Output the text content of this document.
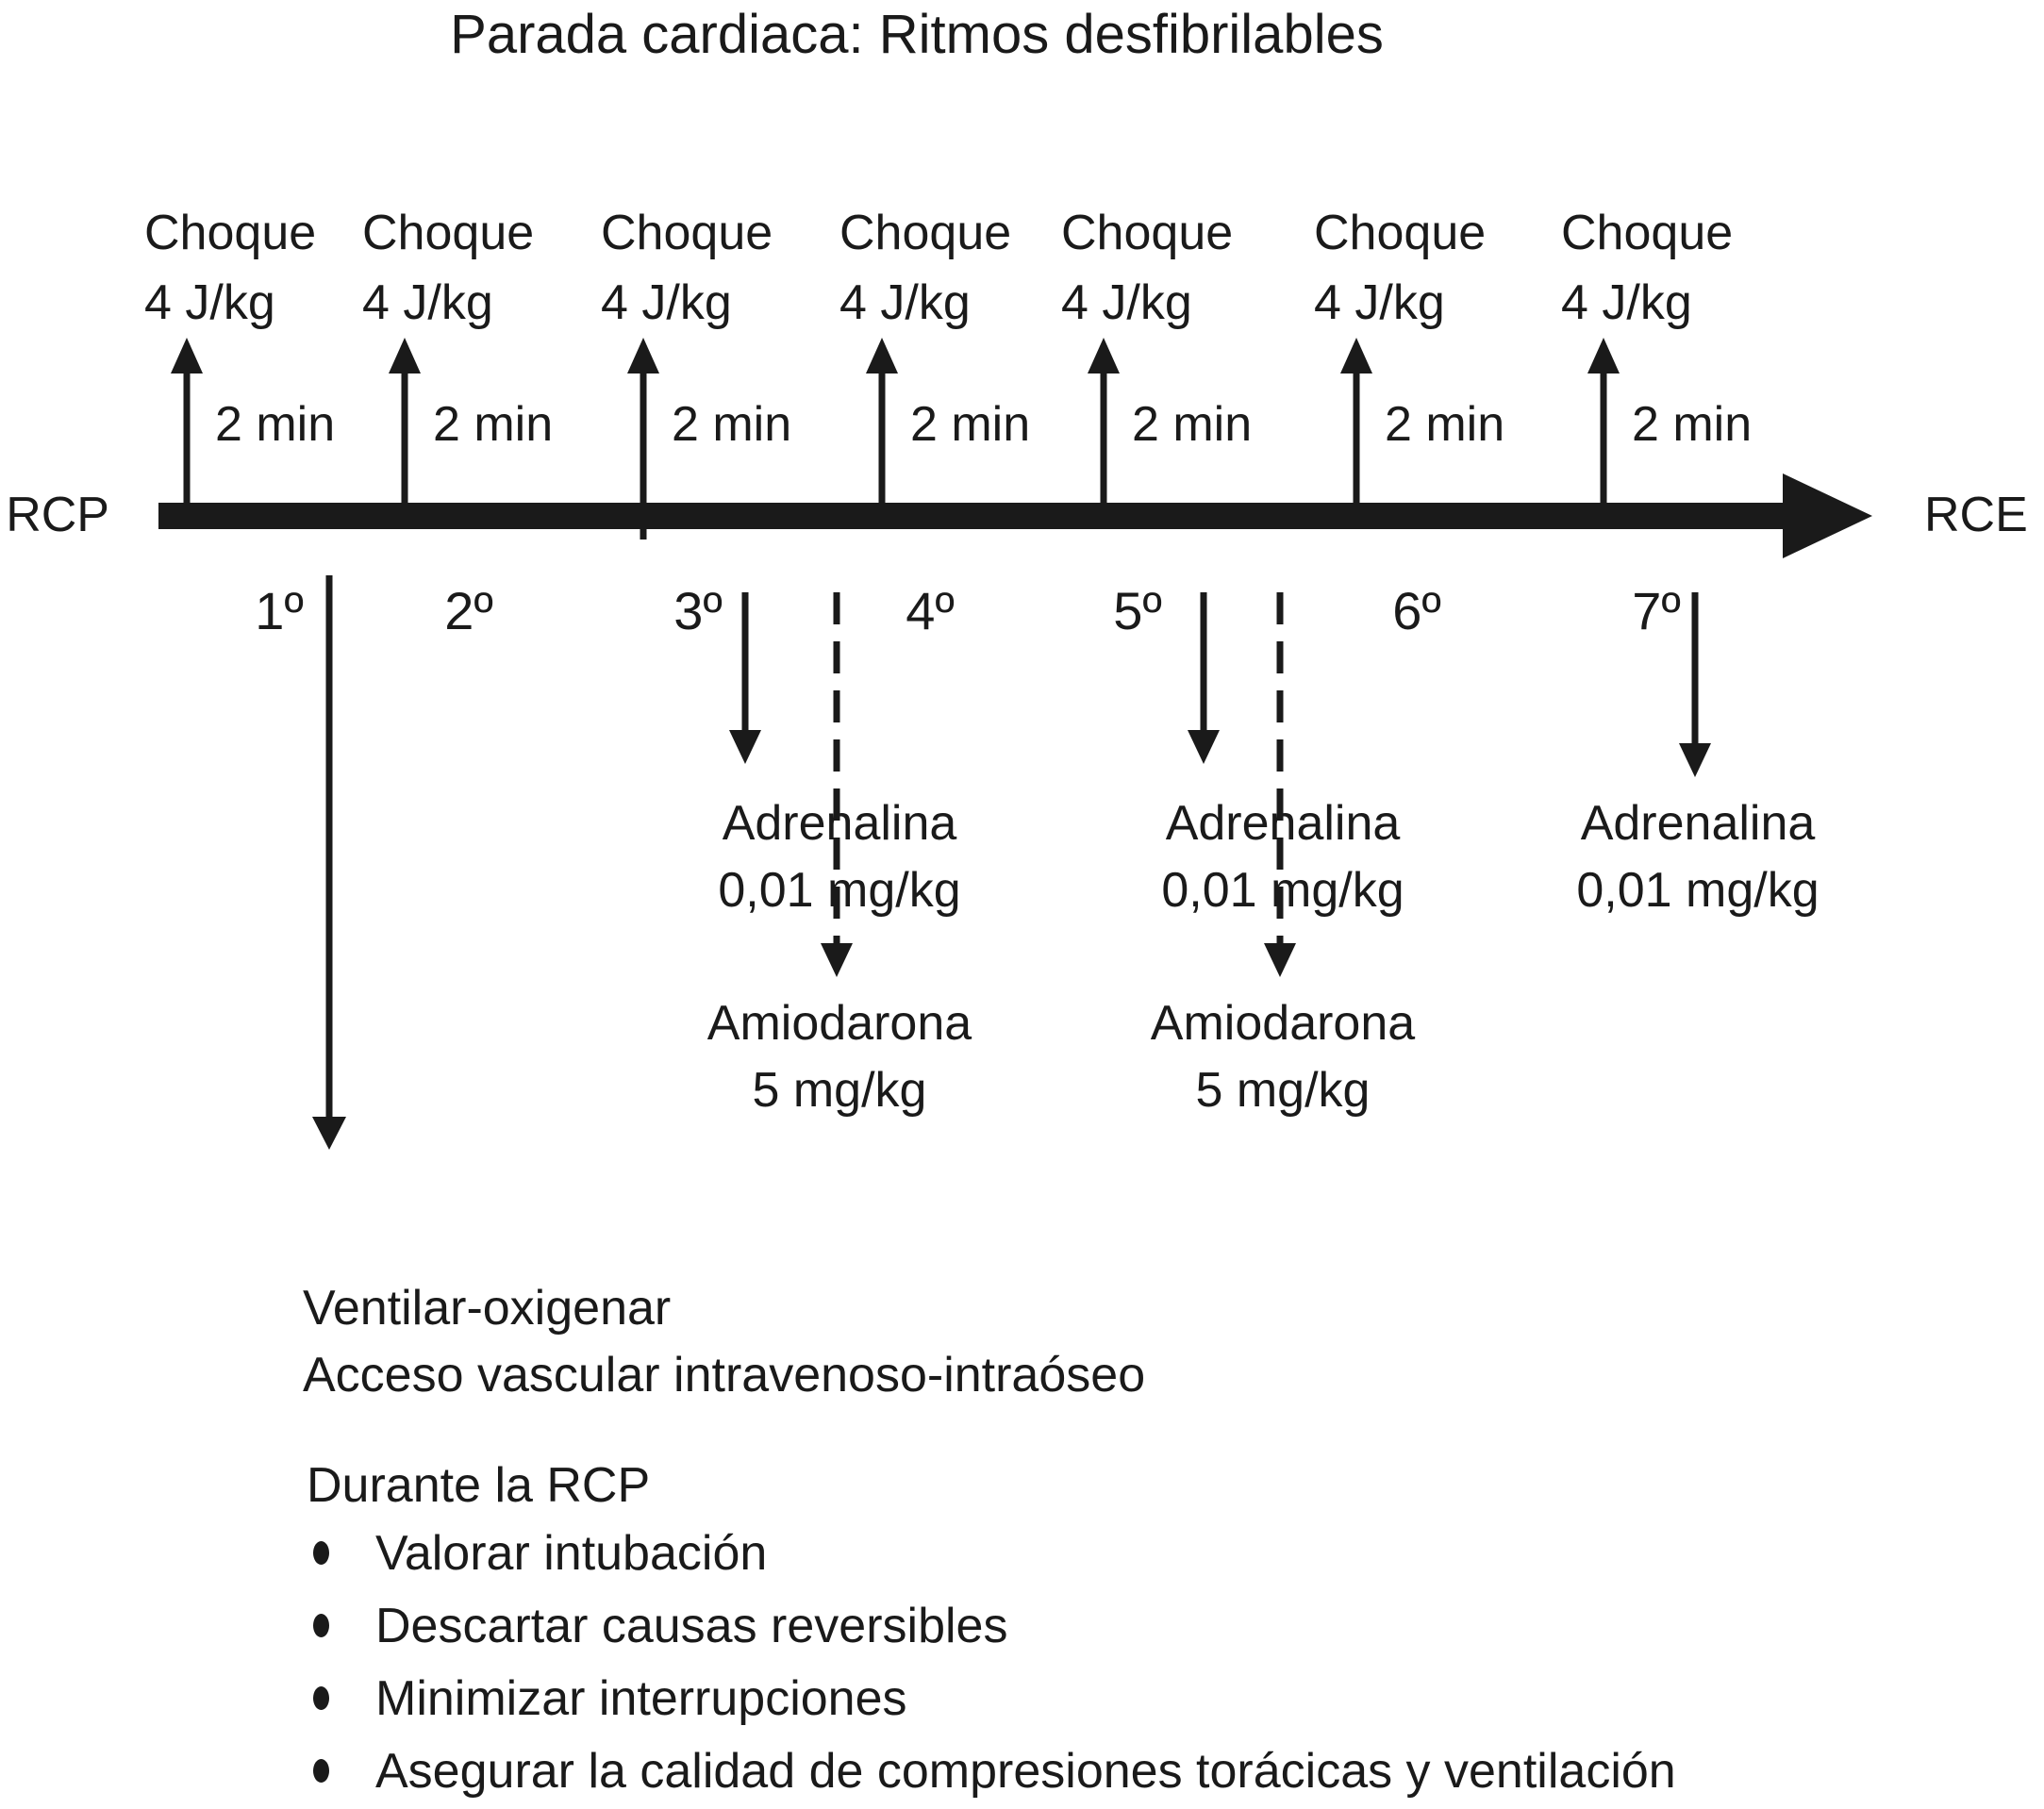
Parada cardiaca: Ritmos desfibrilables
Choque
4 J/kg
Choque
4 J/kg
Choque
4 J/kg
Choque
4 J/kg
Choque
4 J/kg
Choque
4 J/kg
Choque
4 J/kg
2 min 2 min 2 min 2 min 2 min	2 min	2 min
RCP	RCE
1º	2º	3º	4º	5º	6º	7º
Adrenalina
0,01 mg/kg
Adrenalina
0,01 mg/kg
Adrenalina
0,01 mg/kg
Amiodarona
5 mg/kg
Amiodarona
5 mg/kg
Ventilar-oxigenar
Acceso vascular intravenoso-intraóseo
Durante la RCP
Valorar intubación
Descartar causas reversibles
Minimizar interrupciones
Asegurar la calidad de compresiones torácicas y ventilación
